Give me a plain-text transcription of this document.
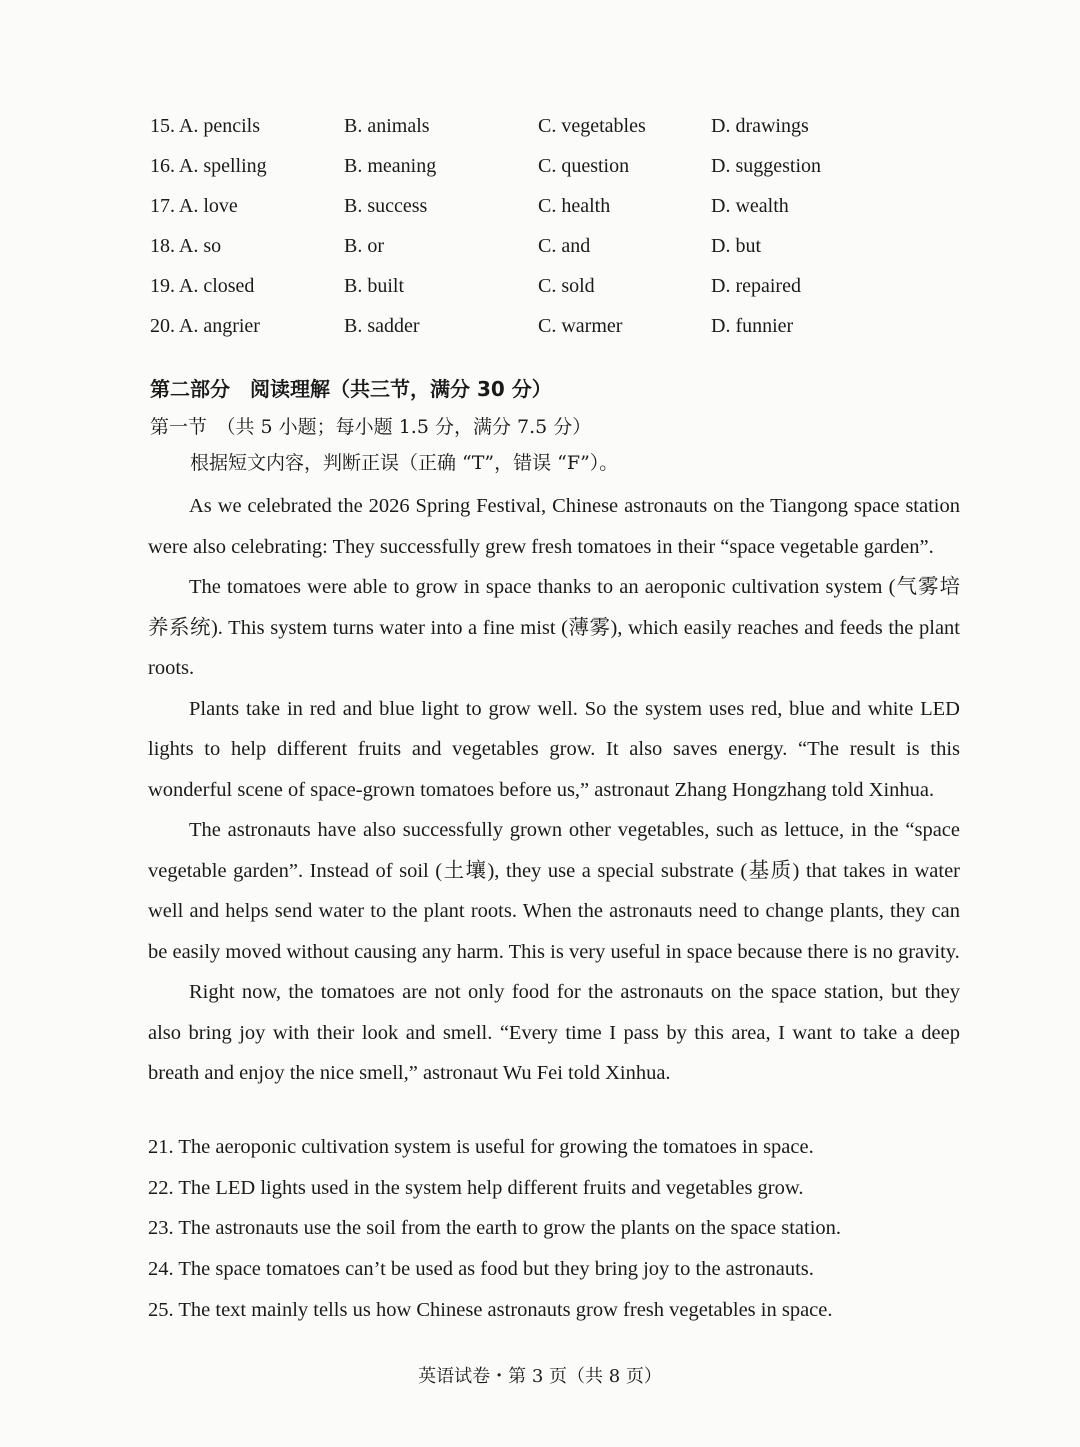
15. A. pencils	B. animals	C. vegetables	D. drawings
16. A. spelling	B. meaning	C. question	D. suggestion
17. A. love	B. success	C. health	D. wealth
18. A. so	B. or	C. and	D. but
19. A. closed	B. built	C. sold	D. repaired
20. A. angrier	B. sadder	C. warmer	D. funnier
第二部分　阅读理解（共三节，满分 30 分）
第一节　（共 5 小题；每小题 1.5 分，满分 7.5 分）
根据短文内容，判断正误（正确 “T”，错误 “F”）。

As we celebrated the 2026 Spring Festival, Chinese astronauts on the Tiangong space station were also celebrating: They successfully grew fresh tomatoes in their “space vegetable garden”.

The tomatoes were able to grow in space thanks to an aeroponic cultivation system (气雾培养系统). This system turns water into a fine mist (薄雾), which easily reaches and feeds the plant roots.

Plants take in red and blue light to grow well. So the system uses red, blue and white LED lights to help different fruits and vegetables grow. It also saves energy. “The result is this wonderful scene of space-grown tomatoes before us,” astronaut Zhang Hongzhang told Xinhua.

The astronauts have also successfully grown other vegetables, such as lettuce, in the “space vegetable garden”. Instead of soil (土壤), they use a special substrate (基质) that takes in water well and helps send water to the plant roots. When the astronauts need to change plants, they can be easily moved without causing any harm. This is very useful in space because there is no gravity.

Right now, the tomatoes are not only food for the astronauts on the space station, but they also bring joy with their look and smell. “Every time I pass by this area, I want to take a deep breath and enjoy the nice smell,” astronaut Wu Fei told Xinhua.

21. The aeroponic cultivation system is useful for growing the tomatoes in space.
22. The LED lights used in the system help different fruits and vegetables grow.
23. The astronauts use the soil from the earth to grow the plants on the space station.
24. The space tomatoes can’t be used as food but they bring joy to the astronauts.
25. The text mainly tells us how Chinese astronauts grow fresh vegetables in space.
英语试卷・第 3 页（共 8 页）
